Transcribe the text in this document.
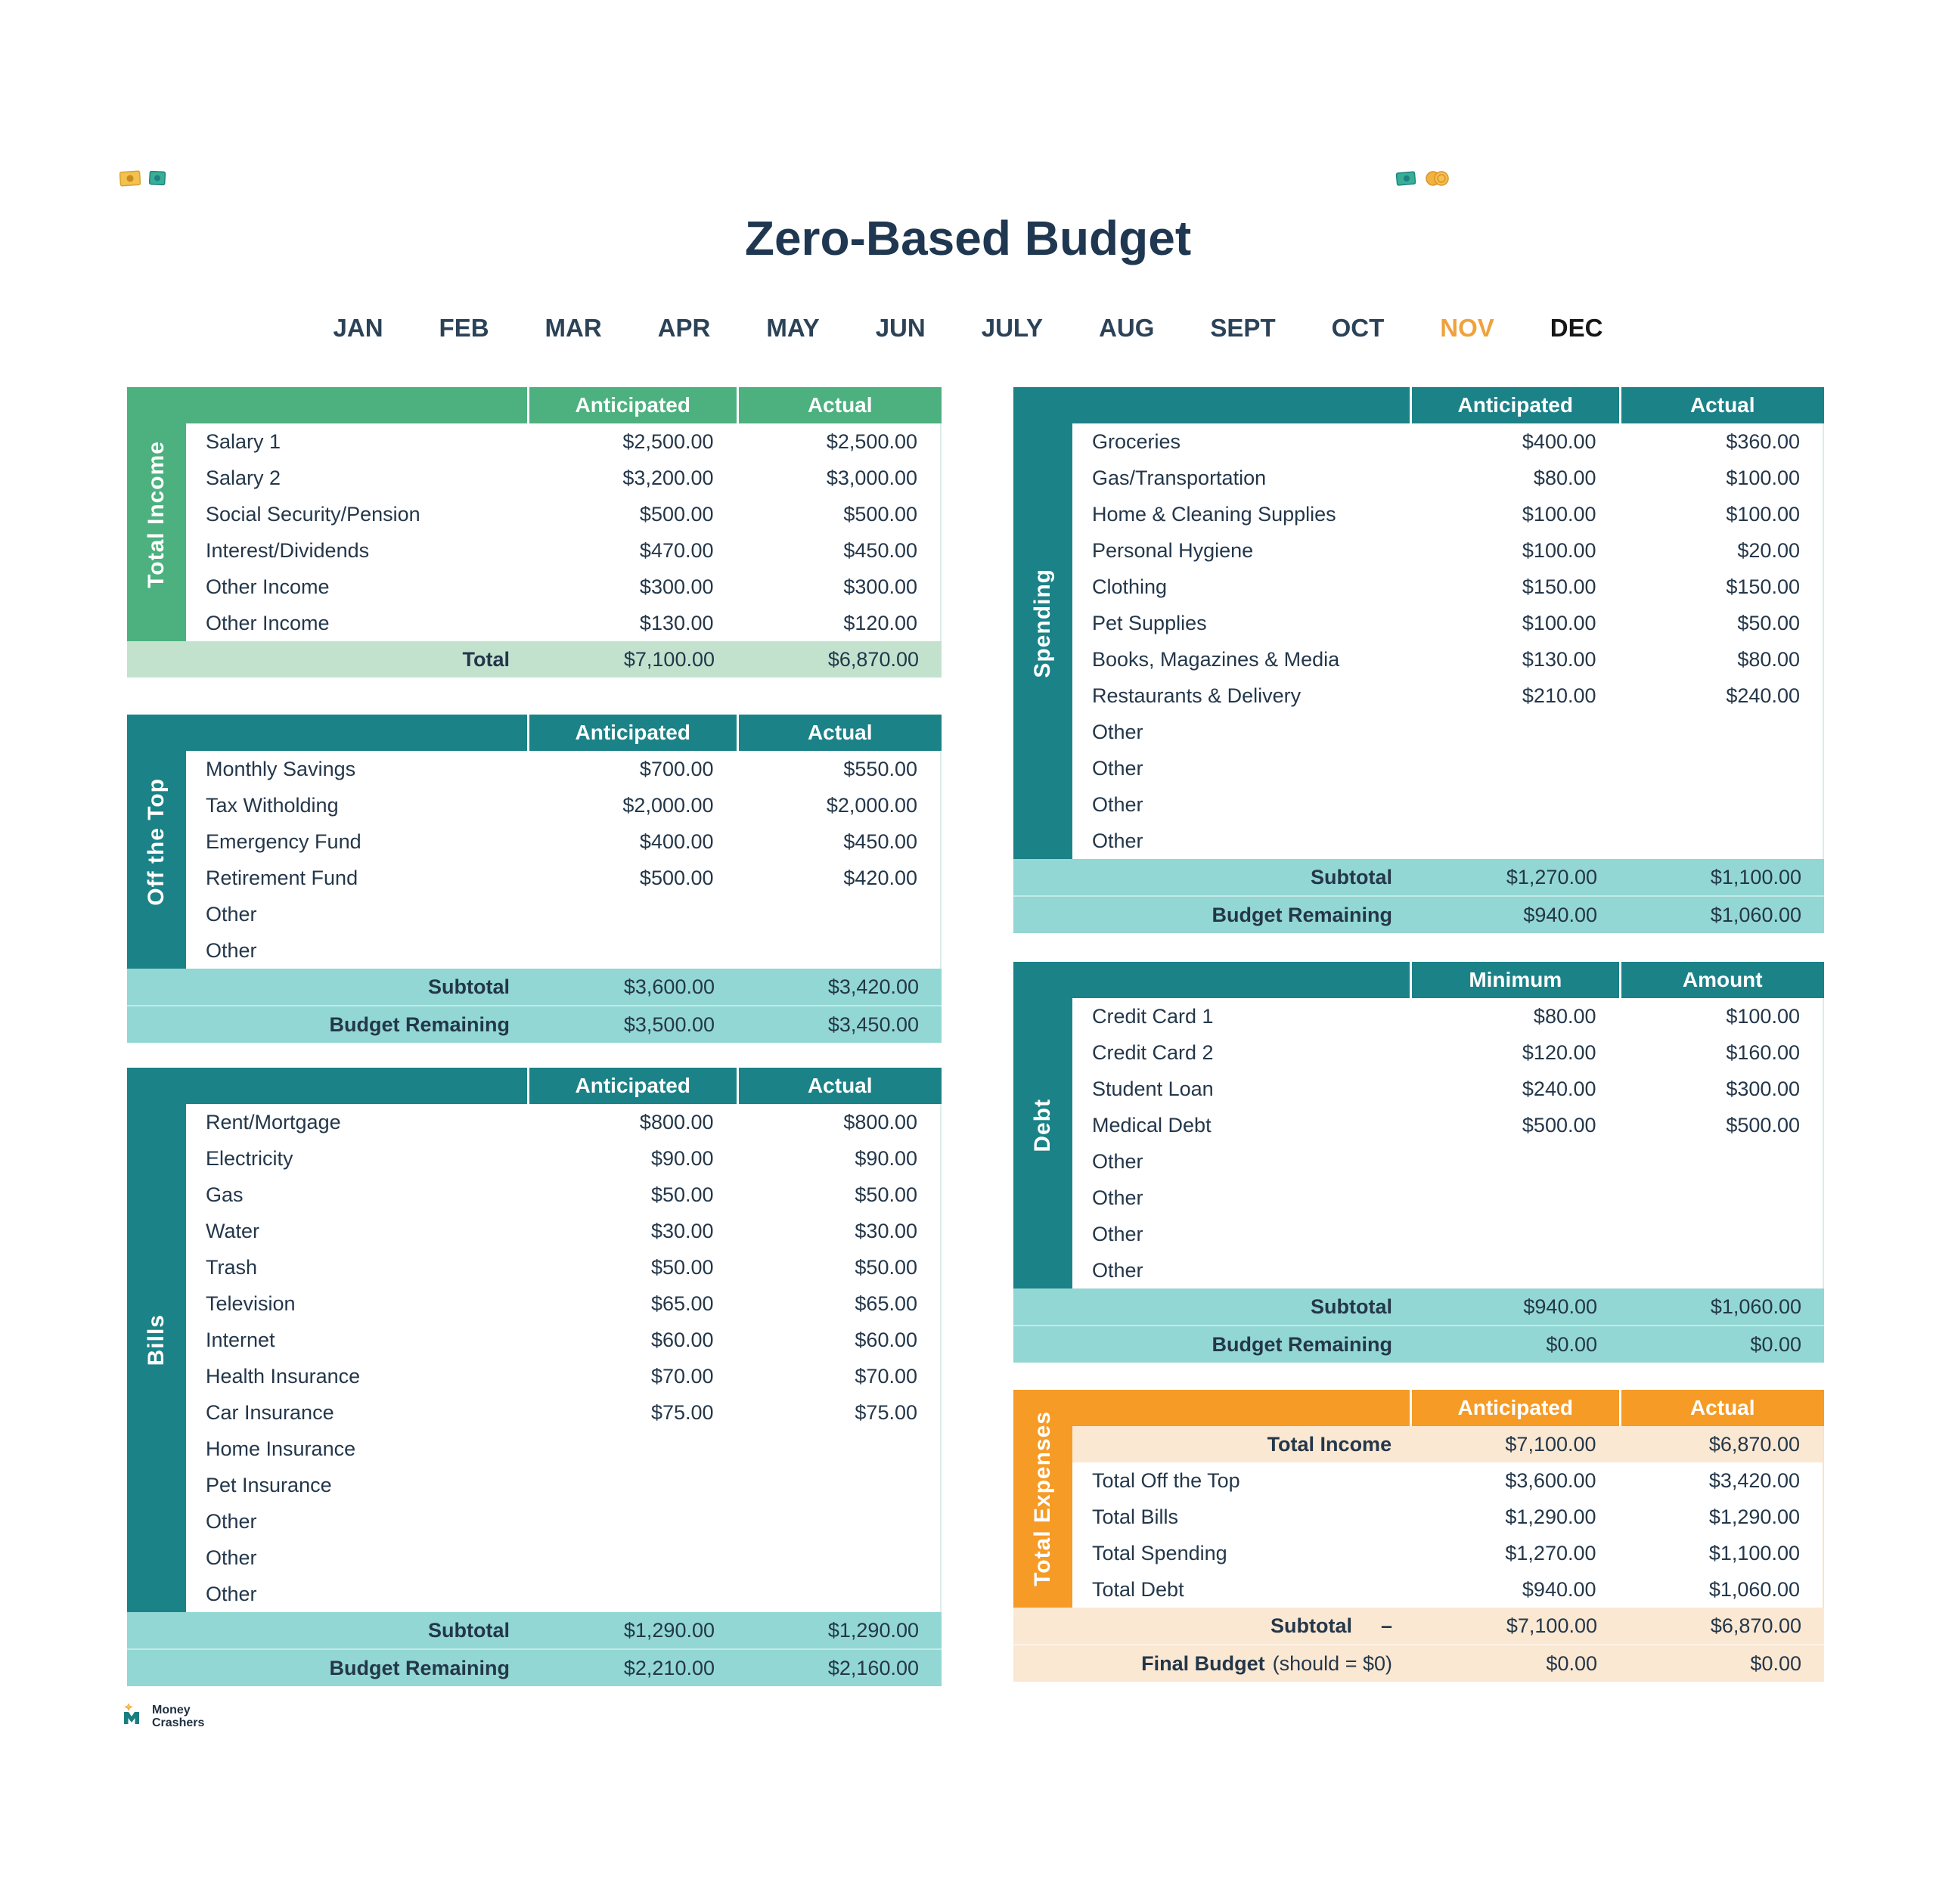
Zero-Based Budget
JAN FEB MAR APR MAY JUN JULY AUG SEPT OCT NOV DEC
Total Income
Anticipated	Actual
Salary 1	$2,500.00	$2,500.00
Salary 2	$3,200.00	$3,000.00
Social Security/Pension	$500.00	$500.00
Interest/Dividends	$470.00	$450.00
Other Income	$300.00	$300.00
Other Income	$130.00	$120.00
Total	$7,100.00	$6,870.00
Off the Top
Anticipated	Actual
Monthly Savings	$700.00	$550.00
Tax Witholding	$2,000.00	$2,000.00
Emergency Fund	$400.00	$450.00
Retirement Fund	$500.00	$420.00
Other
Other
Subtotal	$3,600.00	$3,420.00
Budget Remaining	$3,500.00	$3,450.00
Bills
Anticipated	Actual
Rent/Mortgage	$800.00	$800.00
Electricity	$90.00	$90.00
Gas	$50.00	$50.00
Water	$30.00	$30.00
Trash	$50.00	$50.00
Television	$65.00	$65.00
Internet	$60.00	$60.00
Health Insurance	$70.00	$70.00
Car Insurance	$75.00	$75.00
Home Insurance
Pet Insurance
Other
Other
Other
Subtotal	$1,290.00	$1,290.00
Budget Remaining	$2,210.00	$2,160.00
Spending
Anticipated	Actual
Groceries	$400.00	$360.00
Gas/Transportation	$80.00	$100.00
Home & Cleaning Supplies	$100.00	$100.00
Personal Hygiene	$100.00	$20.00
Clothing	$150.00	$150.00
Pet Supplies	$100.00	$50.00
Books, Magazines & Media	$130.00	$80.00
Restaurants & Delivery	$210.00	$240.00
Other
Other
Other
Other
Subtotal	$1,270.00	$1,100.00
Budget Remaining	$940.00	$1,060.00
Debt
Minimum	Amount
Credit Card 1	$80.00	$100.00
Credit Card 2	$120.00	$160.00
Student Loan	$240.00	$300.00
Medical Debt	$500.00	$500.00
Other
Other
Other
Other
Subtotal	$940.00	$1,060.00
Budget Remaining	$0.00	$0.00
Total Expenses
Anticipated	Actual
Total Income	$7,100.00	$6,870.00
Total Off the Top	$3,600.00	$3,420.00
Total Bills	$1,290.00	$1,290.00
Total Spending	$1,270.00	$1,100.00
Total Debt	$940.00	$1,060.00
Subtotal –	$7,100.00	$6,870.00
Final Budget (should = $0)	$0.00	$0.00
Money
Crashers
